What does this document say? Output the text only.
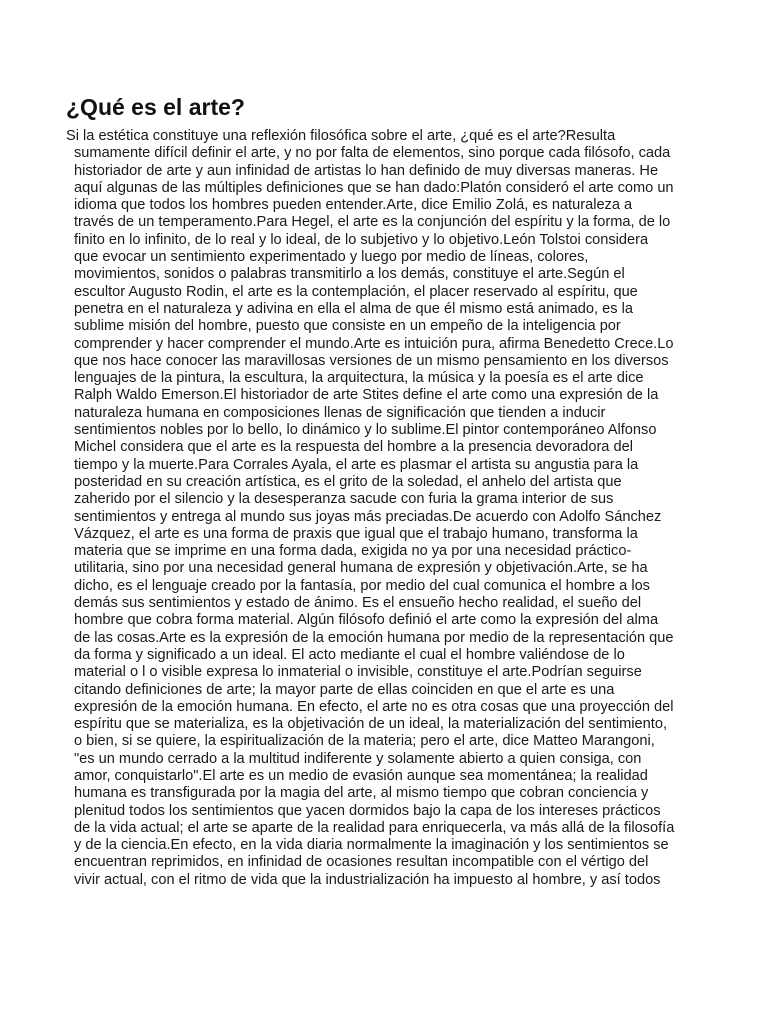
¿Qué es el arte?
Si la estética constituye una reflexión filosófica sobre el arte, ¿qué es el arte?Resulta
sumamente difícil definir el arte, y no por falta de elementos, sino porque cada filósofo, cada
historiador de arte y aun infinidad de artistas lo han definido de muy diversas maneras. He
aquí algunas de las múltiples definiciones que se han dado:Platón consideró el arte como un
idioma que todos los hombres pueden entender.Arte, dice Emilio Zolá, es naturaleza a
través de un temperamento.Para Hegel, el arte es la conjunción del espíritu y la forma, de lo
finito en lo infinito, de lo real y lo ideal, de lo subjetivo y lo objetivo.León Tolstoi considera
que evocar un sentimiento experimentado y luego por medio de líneas, colores,
movimientos, sonidos o palabras transmitirlo a los demás, constituye el arte.Según el
escultor Augusto Rodin, el arte es la contemplación, el placer reservado al espíritu, que
penetra en el naturaleza y adivina en ella el alma de que él mismo está animado, es la
sublime misión del hombre, puesto que consiste en un empeño de la inteligencia por
comprender y hacer comprender el mundo.Arte es intuición pura, afirma Benedetto Crece.Lo
que nos hace conocer las maravillosas versiones de un mismo pensamiento en los diversos
lenguajes de la pintura, la escultura, la arquitectura, la música y la poesía es el arte dice
Ralph Waldo Emerson.El historiador de arte Stites define el arte como una expresión de la
naturaleza humana en composiciones llenas de significación que tienden a inducir
sentimientos nobles por lo bello, lo dinámico y lo sublime.El pintor contemporáneo Alfonso
Michel considera que el arte es la respuesta del hombre a la presencia devoradora del
tiempo y la muerte.Para Corrales Ayala, el arte es plasmar el artista su angustia para la
posteridad en su creación artística, es el grito de la soledad, el anhelo del artista que
zaherido por el silencio y la desesperanza sacude con furia la grama interior de sus
sentimientos y entrega al mundo sus joyas más preciadas.De acuerdo con Adolfo Sánchez
Vázquez, el arte es una forma de praxis que igual que el trabajo humano, transforma la
materia que se imprime en una forma dada, exigida no ya por una necesidad práctico-
utilitaria, sino por una necesidad general humana de expresión y objetivación.Arte, se ha
dicho, es el lenguaje creado por la fantasía, por medio del cual comunica el hombre a los
demás sus sentimientos y estado de ánimo. Es el ensueño hecho realidad, el sueño del
hombre que cobra forma material. Algún filósofo definió el arte como la expresión del alma
de las cosas.Arte es la expresión de la emoción humana por medio de la representación que
da forma y significado a un ideal. El acto mediante el cual el hombre valiéndose de lo
material o l o visible expresa lo inmaterial o invisible, constituye el arte.Podrían seguirse
citando definiciones de arte; la mayor parte de ellas coinciden en que el arte es una
expresión de la emoción humana. En efecto, el arte no es otra cosas que una proyección del
espíritu que se materializa, es la objetivación de un ideal, la materialización del sentimiento,
o bien, si se quiere, la espiritualización de la materia; pero el arte, dice Matteo Marangoni,
"es un mundo cerrado a la multitud indiferente y solamente abierto a quien consiga, con
amor, conquistarlo".El arte es un medio de evasión aunque sea momentánea; la realidad
humana es transfigurada por la magia del arte, al mismo tiempo que cobran conciencia y
plenitud todos los sentimientos que yacen dormidos bajo la capa de los intereses prácticos
de la vida actual; el arte se aparte de la realidad para enriquecerla, va más allá de la filosofía
y de la ciencia.En efecto, en la vida diaria normalmente la imaginación y los sentimientos se
encuentran reprimidos, en infinidad de ocasiones resultan incompatible con el vértigo del
vivir actual, con el ritmo de vida que la industrialización ha impuesto al hombre, y así todos
